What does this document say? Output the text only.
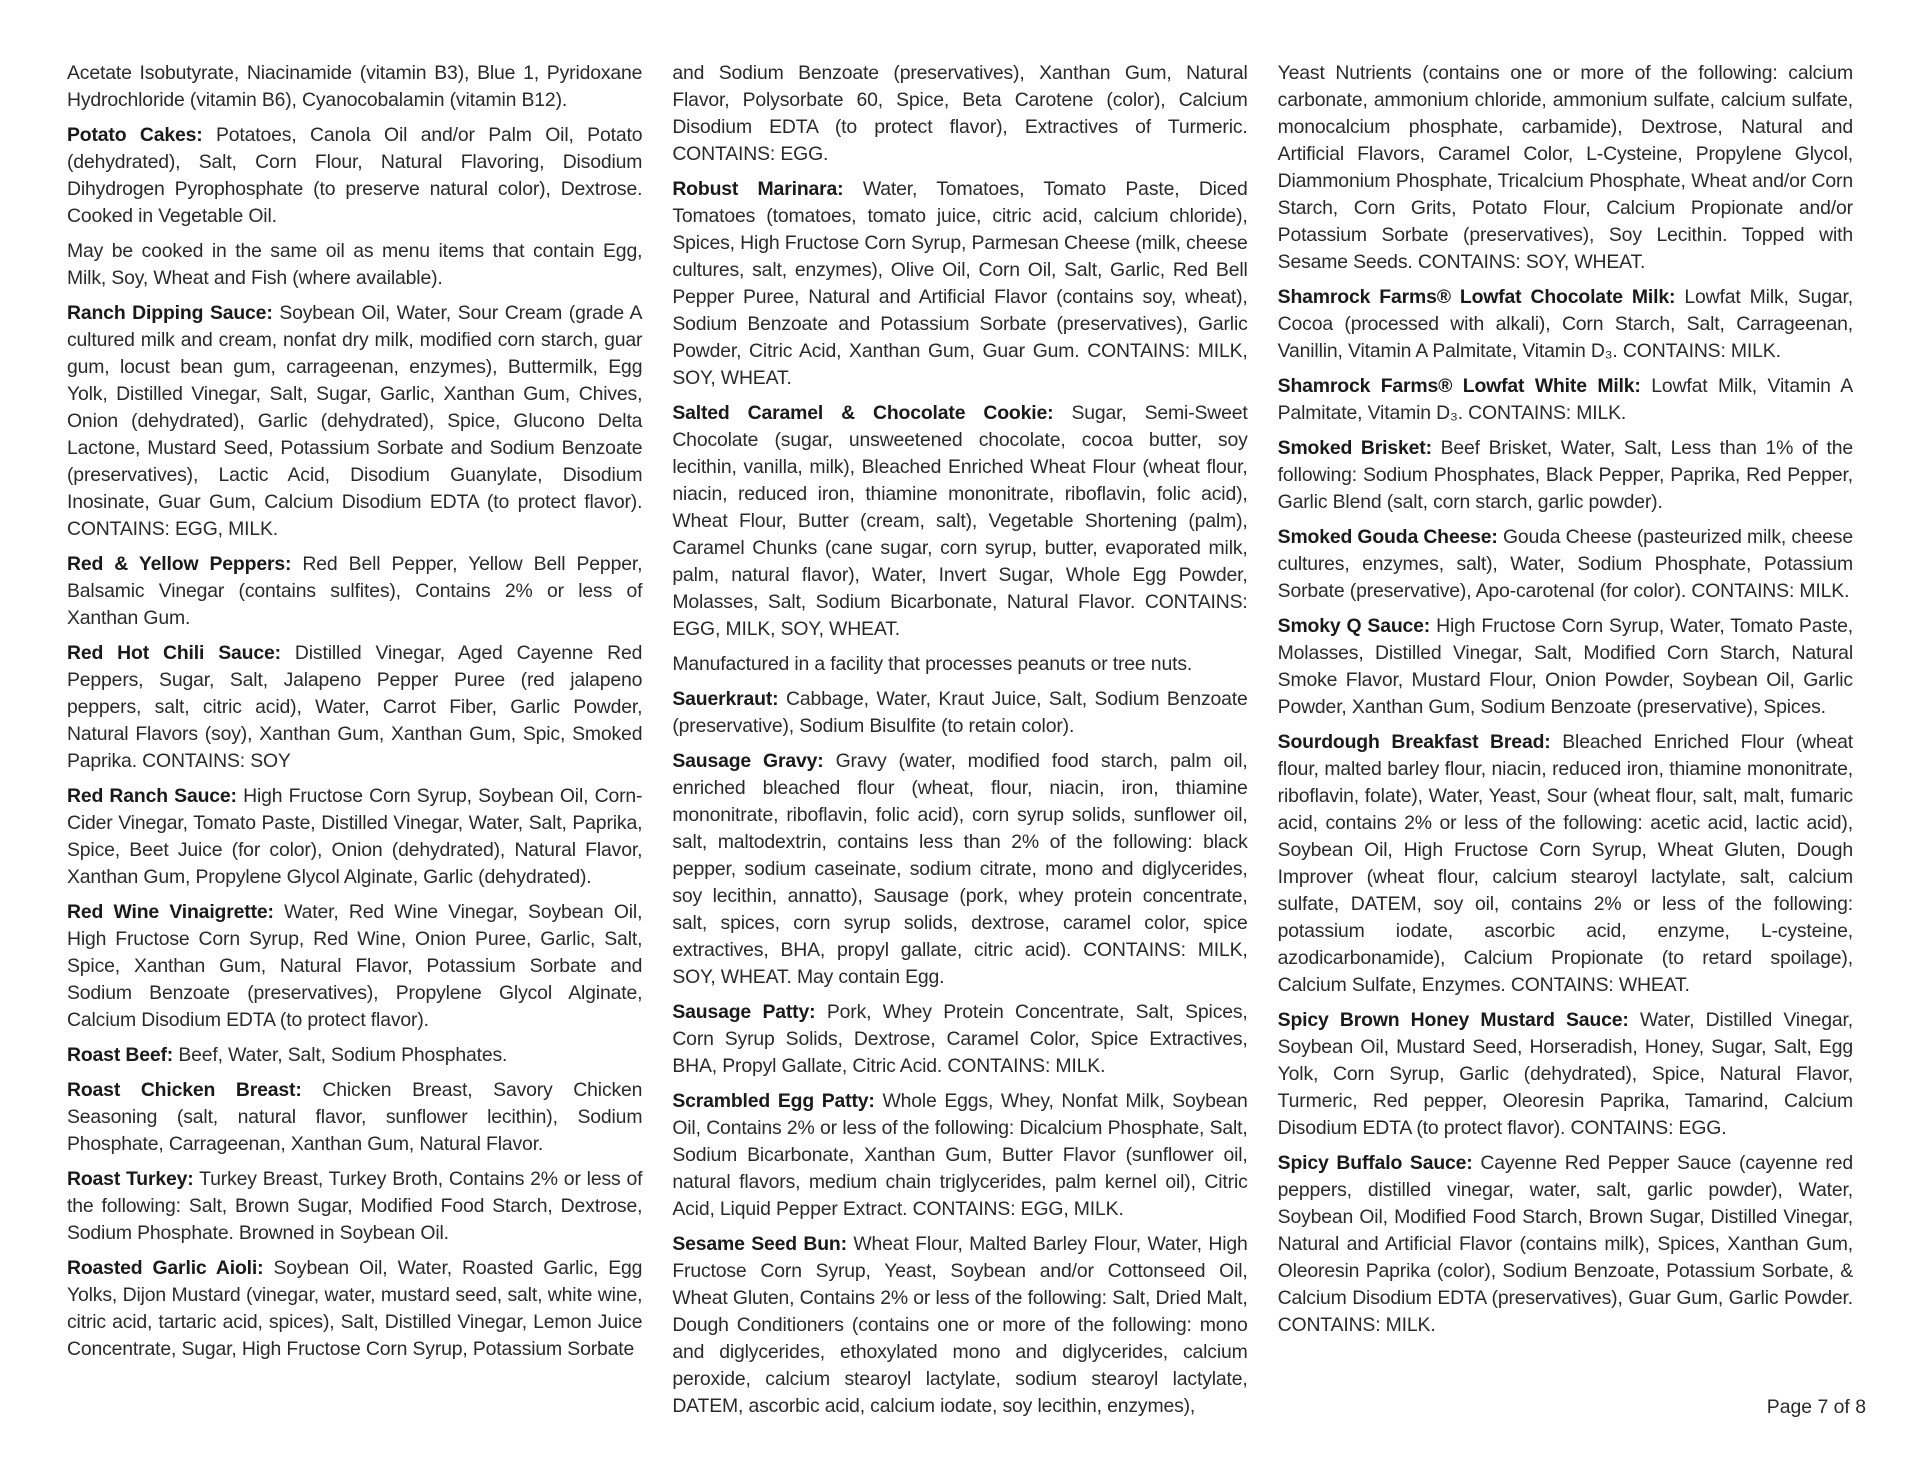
Acetate Isobutyrate, Niacinamide (vitamin B3), Blue 1, Pyridoxane Hydrochloride (vitamin B6), Cyanocobalamin (vitamin B12).

Potato Cakes: Potatoes, Canola Oil and/or Palm Oil, Potato (dehydrated), Salt, Corn Flour, Natural Flavoring, Disodium Dihydrogen Pyrophosphate (to preserve natural color), Dextrose. Cooked in Vegetable Oil.

May be cooked in the same oil as menu items that contain Egg, Milk, Soy, Wheat and Fish (where available).

Ranch Dipping Sauce: Soybean Oil, Water, Sour Cream (grade A cultured milk and cream, nonfat dry milk, modified corn starch, guar gum, locust bean gum, carrageenan, enzymes), Buttermilk, Egg Yolk, Distilled Vinegar, Salt, Sugar, Garlic, Xanthan Gum, Chives, Onion (dehydrated), Garlic (dehydrated), Spice, Glucono Delta Lactone, Mustard Seed, Potassium Sorbate and Sodium Benzoate (preservatives), Lactic Acid, Disodium Guanylate, Disodium Inosinate, Guar Gum, Calcium Disodium EDTA (to protect flavor). CONTAINS: EGG, MILK.

Red & Yellow Peppers: Red Bell Pepper, Yellow Bell Pepper, Balsamic Vinegar (contains sulfites), Contains 2% or less of Xanthan Gum.

Red Hot Chili Sauce: Distilled Vinegar, Aged Cayenne Red Peppers, Sugar, Salt, Jalapeno Pepper Puree (red jalapeno peppers, salt, citric acid), Water, Carrot Fiber, Garlic Powder, Natural Flavors (soy), Xanthan Gum, Xanthan Gum, Spic, Smoked Paprika. CONTAINS: SOY

Red Ranch Sauce: High Fructose Corn Syrup, Soybean Oil, Corn-Cider Vinegar, Tomato Paste, Distilled Vinegar, Water, Salt, Paprika, Spice, Beet Juice (for color), Onion (dehydrated), Natural Flavor, Xanthan Gum, Propylene Glycol Alginate, Garlic (dehydrated).

Red Wine Vinaigrette: Water, Red Wine Vinegar, Soybean Oil, High Fructose Corn Syrup, Red Wine, Onion Puree, Garlic, Salt, Spice, Xanthan Gum, Natural Flavor, Potassium Sorbate and Sodium Benzoate (preservatives), Propylene Glycol Alginate, Calcium Disodium EDTA (to protect flavor).

Roast Beef: Beef, Water, Salt, Sodium Phosphates.

Roast Chicken Breast: Chicken Breast, Savory Chicken Seasoning (salt, natural flavor, sunflower lecithin), Sodium Phosphate, Carrageenan, Xanthan Gum, Natural Flavor.

Roast Turkey: Turkey Breast, Turkey Broth, Contains 2% or less of the following: Salt, Brown Sugar, Modified Food Starch, Dextrose, Sodium Phosphate. Browned in Soybean Oil.

Roasted Garlic Aioli: Soybean Oil, Water, Roasted Garlic, Egg Yolks, Dijon Mustard (vinegar, water, mustard seed, salt, white wine, citric acid, tartaric acid, spices), Salt, Distilled Vinegar, Lemon Juice Concentrate, Sugar, High Fructose Corn Syrup, Potassium Sorbate

and Sodium Benzoate (preservatives), Xanthan Gum, Natural Flavor, Polysorbate 60, Spice, Beta Carotene (color), Calcium Disodium EDTA (to protect flavor), Extractives of Turmeric. CONTAINS: EGG.

Robust Marinara: Water, Tomatoes, Tomato Paste, Diced Tomatoes (tomatoes, tomato juice, citric acid, calcium chloride), Spices, High Fructose Corn Syrup, Parmesan Cheese (milk, cheese cultures, salt, enzymes), Olive Oil, Corn Oil, Salt, Garlic, Red Bell Pepper Puree, Natural and Artificial Flavor (contains soy, wheat), Sodium Benzoate and Potassium Sorbate (preservatives), Garlic Powder, Citric Acid, Xanthan Gum, Guar Gum. CONTAINS: MILK, SOY, WHEAT.

Salted Caramel & Chocolate Cookie: Sugar, Semi-Sweet Chocolate (sugar, unsweetened chocolate, cocoa butter, soy lecithin, vanilla, milk), Bleached Enriched Wheat Flour (wheat flour, niacin, reduced iron, thiamine mononitrate, riboflavin, folic acid), Wheat Flour, Butter (cream, salt), Vegetable Shortening (palm), Caramel Chunks (cane sugar, corn syrup, butter, evaporated milk, palm, natural flavor), Water, Invert Sugar, Whole Egg Powder, Molasses, Salt, Sodium Bicarbonate, Natural Flavor. CONTAINS: EGG, MILK, SOY, WHEAT.

Manufactured in a facility that processes peanuts or tree nuts.

Sauerkraut: Cabbage, Water, Kraut Juice, Salt, Sodium Benzoate (preservative), Sodium Bisulfite (to retain color).

Sausage Gravy: Gravy (water, modified food starch, palm oil, enriched bleached flour (wheat, flour, niacin, iron, thiamine mononitrate, riboflavin, folic acid), corn syrup solids, sunflower oil, salt, maltodextrin, contains less than 2% of the following: black pepper, sodium caseinate, sodium citrate, mono and diglycerides, soy lecithin, annatto), Sausage (pork, whey protein concentrate, salt, spices, corn syrup solids, dextrose, caramel color, spice extractives, BHA, propyl gallate, citric acid). CONTAINS: MILK, SOY, WHEAT. May contain Egg.

Sausage Patty: Pork, Whey Protein Concentrate, Salt, Spices, Corn Syrup Solids, Dextrose, Caramel Color, Spice Extractives, BHA, Propyl Gallate, Citric Acid. CONTAINS: MILK.

Scrambled Egg Patty: Whole Eggs, Whey, Nonfat Milk, Soybean Oil, Contains 2% or less of the following: Dicalcium Phosphate, Salt, Sodium Bicarbonate, Xanthan Gum, Butter Flavor (sunflower oil, natural flavors, medium chain triglycerides, palm kernel oil), Citric Acid, Liquid Pepper Extract. CONTAINS: EGG, MILK.

Sesame Seed Bun: Wheat Flour, Malted Barley Flour, Water, High Fructose Corn Syrup, Yeast, Soybean and/or Cottonseed Oil, Wheat Gluten, Contains 2% or less of the following: Salt, Dried Malt, Dough Conditioners (contains one or more of the following: mono and diglycerides, ethoxylated mono and diglycerides, calcium peroxide, calcium stearoyl lactylate, sodium stearoyl lactylate, DATEM, ascorbic acid, calcium iodate, soy lecithin, enzymes),

Yeast Nutrients (contains one or more of the following: calcium carbonate, ammonium chloride, ammonium sulfate, calcium sulfate, monocalcium phosphate, carbamide), Dextrose, Natural and Artificial Flavors, Caramel Color, L-Cysteine, Propylene Glycol, Diammonium Phosphate, Tricalcium Phosphate, Wheat and/or Corn Starch, Corn Grits, Potato Flour, Calcium Propionate and/or Potassium Sorbate (preservatives), Soy Lecithin. Topped with Sesame Seeds. CONTAINS: SOY, WHEAT.

Shamrock Farms® Lowfat Chocolate Milk: Lowfat Milk, Sugar, Cocoa (processed with alkali), Corn Starch, Salt, Carrageenan, Vanillin, Vitamin A Palmitate, Vitamin D₃. CONTAINS: MILK.

Shamrock Farms® Lowfat White Milk: Lowfat Milk, Vitamin A Palmitate, Vitamin D₃. CONTAINS: MILK.

Smoked Brisket: Beef Brisket, Water, Salt, Less than 1% of the following: Sodium Phosphates, Black Pepper, Paprika, Red Pepper, Garlic Blend (salt, corn starch, garlic powder).

Smoked Gouda Cheese: Gouda Cheese (pasteurized milk, cheese cultures, enzymes, salt), Water, Sodium Phosphate, Potassium Sorbate (preservative), Apo-carotenal (for color). CONTAINS: MILK.

Smoky Q Sauce: High Fructose Corn Syrup, Water, Tomato Paste, Molasses, Distilled Vinegar, Salt, Modified Corn Starch, Natural Smoke Flavor, Mustard Flour, Onion Powder, Soybean Oil, Garlic Powder, Xanthan Gum, Sodium Benzoate (preservative), Spices.

Sourdough Breakfast Bread: Bleached Enriched Flour (wheat flour, malted barley flour, niacin, reduced iron, thiamine mononitrate, riboflavin, folate), Water, Yeast, Sour (wheat flour, salt, malt, fumaric acid, contains 2% or less of the following: acetic acid, lactic acid), Soybean Oil, High Fructose Corn Syrup, Wheat Gluten, Dough Improver (wheat flour, calcium stearoyl lactylate, salt, calcium sulfate, DATEM, soy oil, contains 2% or less of the following: potassium iodate, ascorbic acid, enzyme, L-cysteine, azodicarbonamide), Calcium Propionate (to retard spoilage), Calcium Sulfate, Enzymes. CONTAINS: WHEAT.

Spicy Brown Honey Mustard Sauce: Water, Distilled Vinegar, Soybean Oil, Mustard Seed, Horseradish, Honey, Sugar, Salt, Egg Yolk, Corn Syrup, Garlic (dehydrated), Spice, Natural Flavor, Turmeric, Red pepper, Oleoresin Paprika, Tamarind, Calcium Disodium EDTA (to protect flavor). CONTAINS: EGG.

Spicy Buffalo Sauce: Cayenne Red Pepper Sauce (cayenne red peppers, distilled vinegar, water, salt, garlic powder), Water, Soybean Oil, Modified Food Starch, Brown Sugar, Distilled Vinegar, Natural and Artificial Flavor (contains milk), Spices, Xanthan Gum, Oleoresin Paprika (color), Sodium Benzoate, Potassium Sorbate, & Calcium Disodium EDTA (preservatives), Guar Gum, Garlic Powder. CONTAINS: MILK.

Page 7 of 8
